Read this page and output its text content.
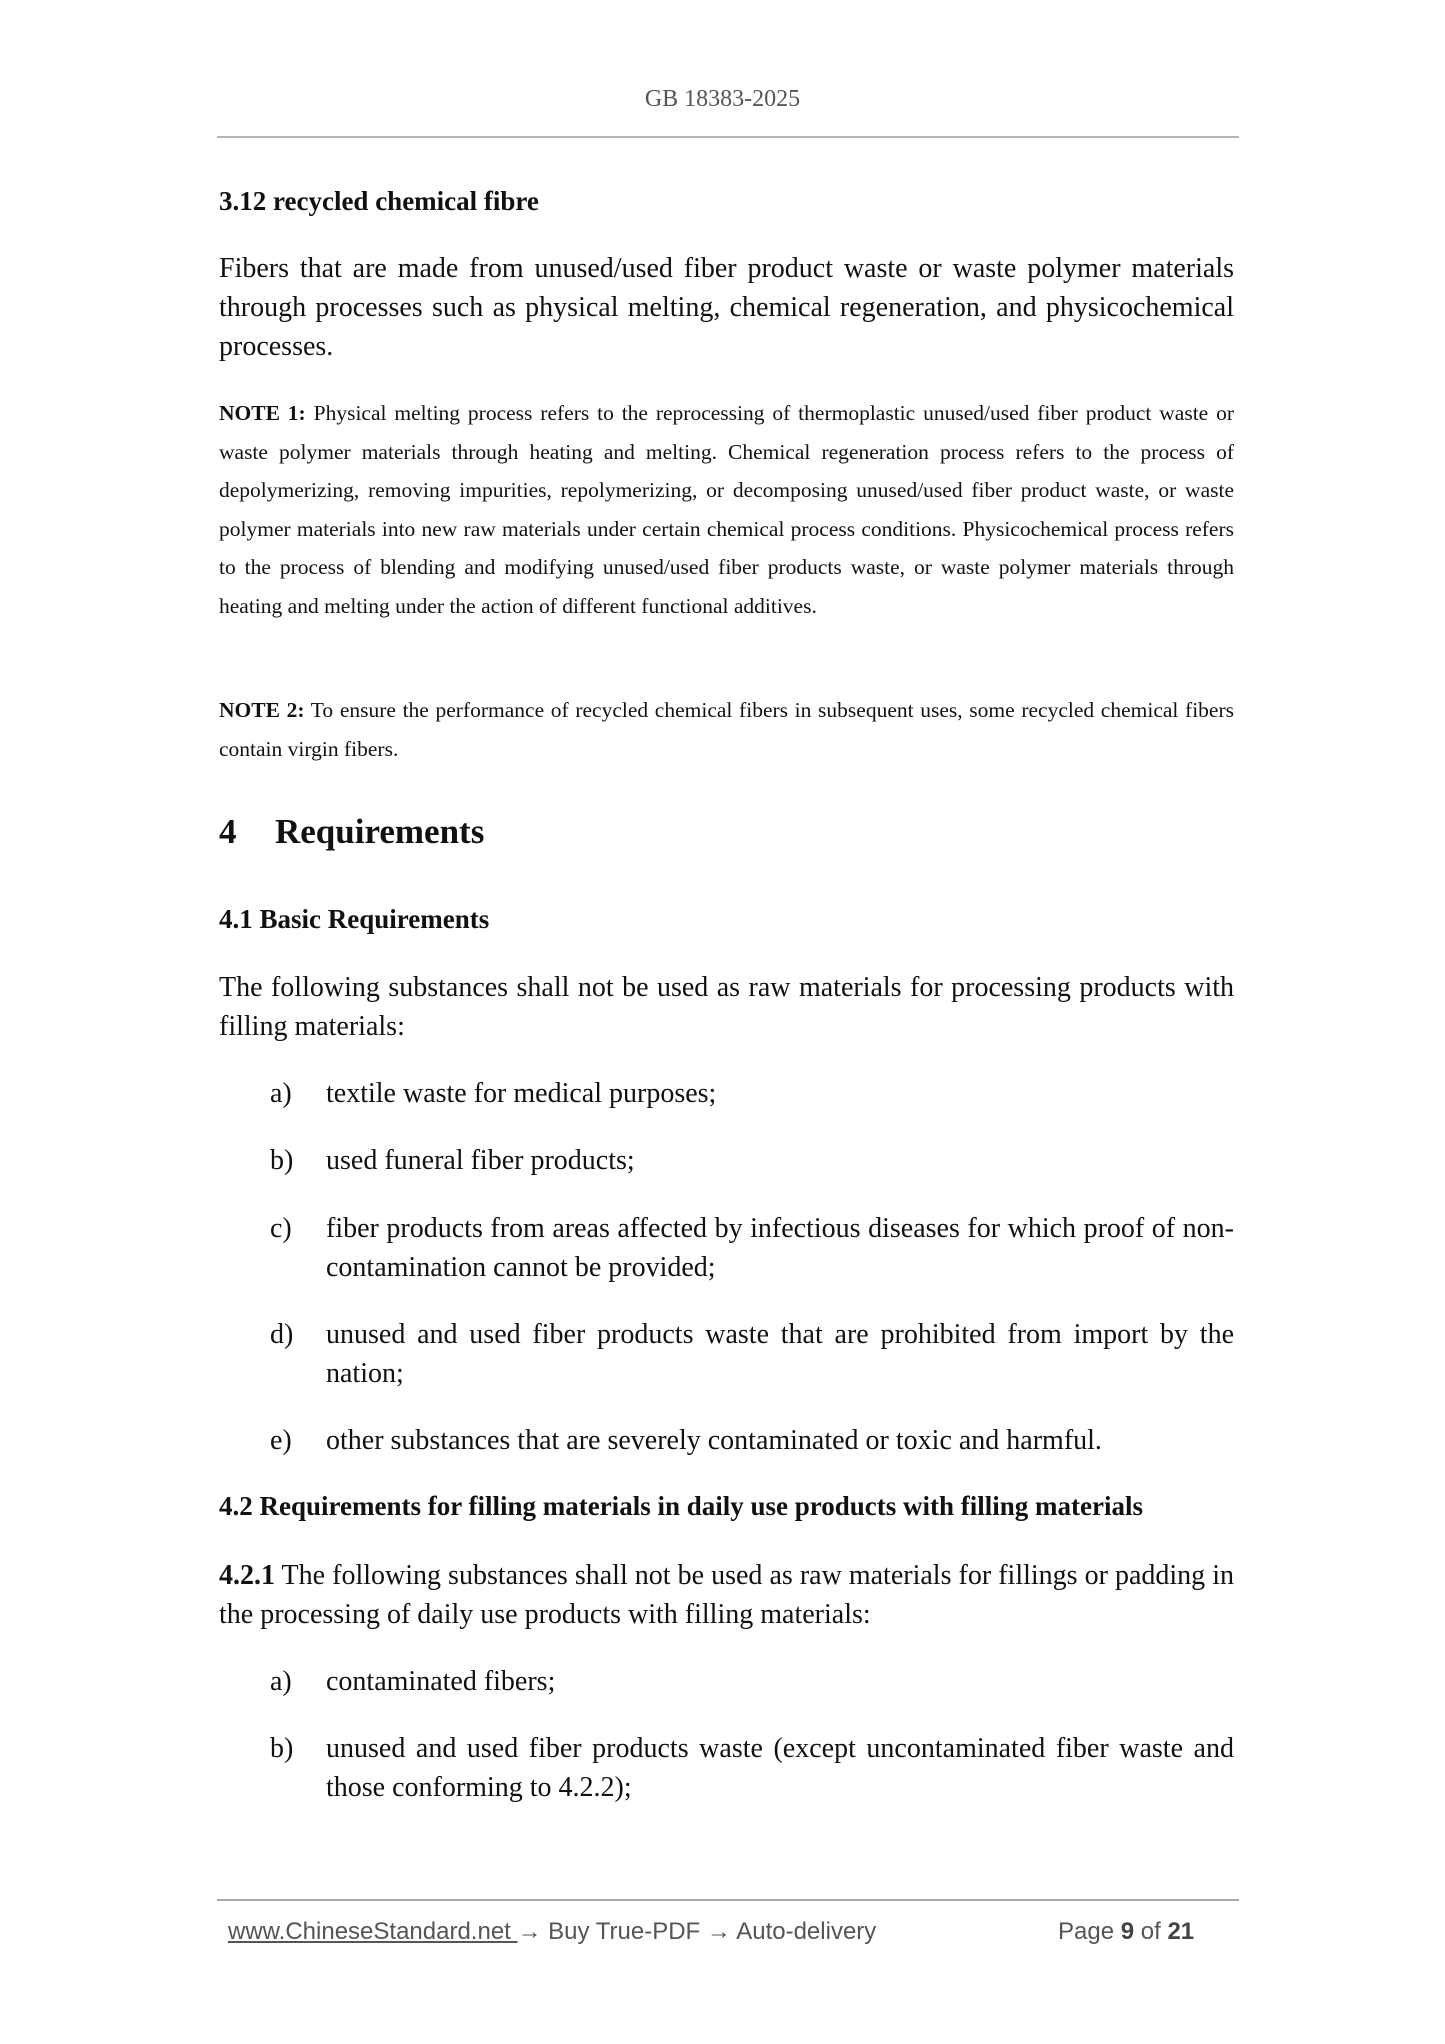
GB 18383-2025
3.12 recycled chemical fibre
Fibers that are made from unused/used fiber product waste or waste polymer materials through processes such as physical melting, chemical regeneration, and physicochemical processes.
NOTE 1: Physical melting process refers to the reprocessing of thermoplastic unused/used fiber product waste or waste polymer materials through heating and melting. Chemical regeneration process refers to the process of depolymerizing, removing impurities, repolymerizing, or decomposing unused/used fiber product waste, or waste polymer materials into new raw materials under certain chemical process conditions. Physicochemical process refers to the process of blending and modifying unused/used fiber products waste, or waste polymer materials through heating and melting under the action of different functional additives.
NOTE 2: To ensure the performance of recycled chemical fibers in subsequent uses, some recycled chemical fibers contain virgin fibers.
4 Requirements
4.1 Basic Requirements
The following substances shall not be used as raw materials for processing products with filling materials:
a)	textile waste for medical purposes;
b)	used funeral fiber products;
c)	fiber products from areas affected by infectious diseases for which proof of non-contamination cannot be provided;
d)	unused and used fiber products waste that are prohibited from import by the nation;
e)	other substances that are severely contaminated or toxic and harmful.
4.2 Requirements for filling materials in daily use products with filling materials
4.2.1 The following substances shall not be used as raw materials for fillings or padding in the processing of daily use products with filling materials:
a)	contaminated fibers;
b)	unused and used fiber products waste (except uncontaminated fiber waste and those conforming to 4.2.2);
www.ChineseStandard.net → Buy True-PDF → Auto-delivery	Page 9 of 21
